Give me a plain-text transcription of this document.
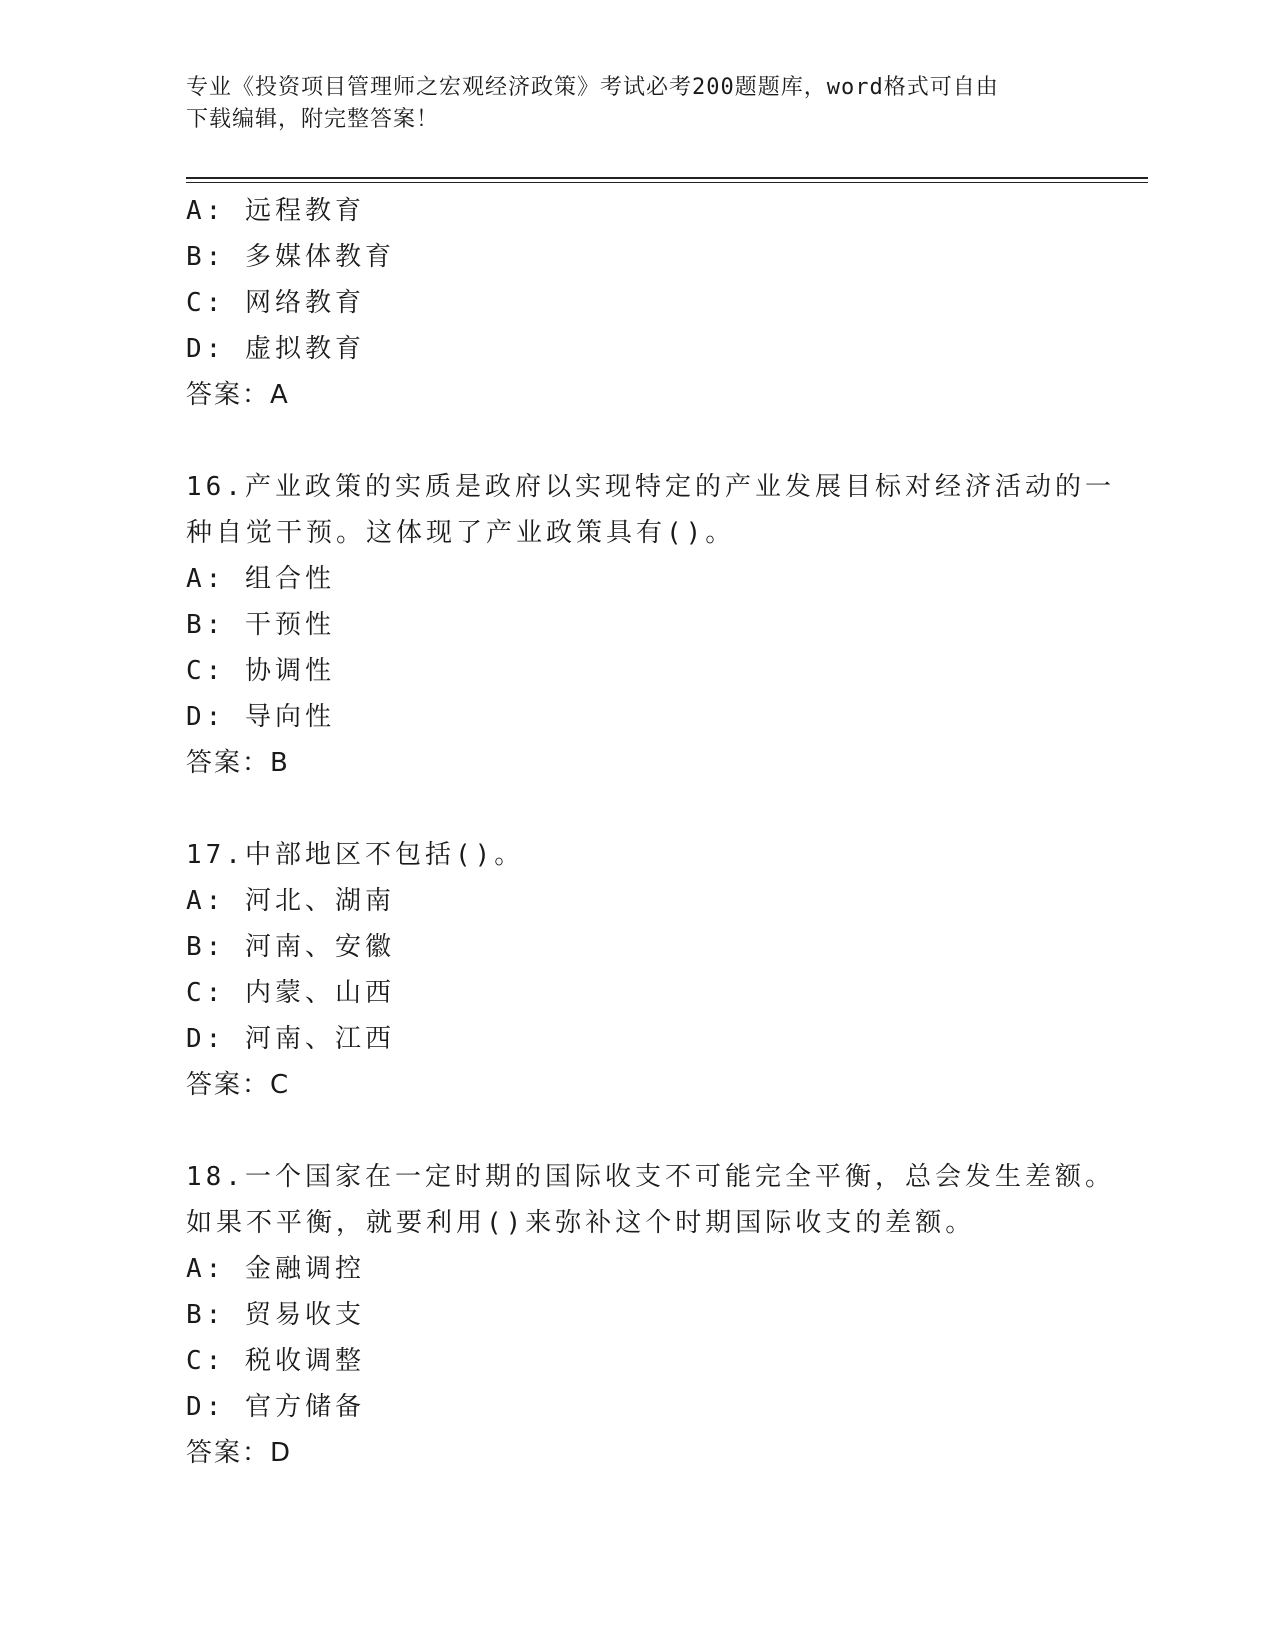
专业《投资项目管理师之宏观经济政策》考试必考200题题库，word格式可自由
下载编辑，附完整答案！
A: 远程教育
B: 多媒体教育
C: 网络教育
D: 虚拟教育
答案：A
16.产业政策的实质是政府以实现特定的产业发展目标对经济活动的一
种自觉干预。这体现了产业政策具有()。
A: 组合性
B: 干预性
C: 协调性
D: 导向性
答案：B
17.中部地区不包括()。
A: 河北、湖南
B: 河南、安徽
C: 内蒙、山西
D: 河南、江西
答案：C
18.一个国家在一定时期的国际收支不可能完全平衡，总会发生差额。
如果不平衡，就要利用()来弥补这个时期国际收支的差额。
A: 金融调控
B: 贸易收支
C: 税收调整
D: 官方储备
答案：D
